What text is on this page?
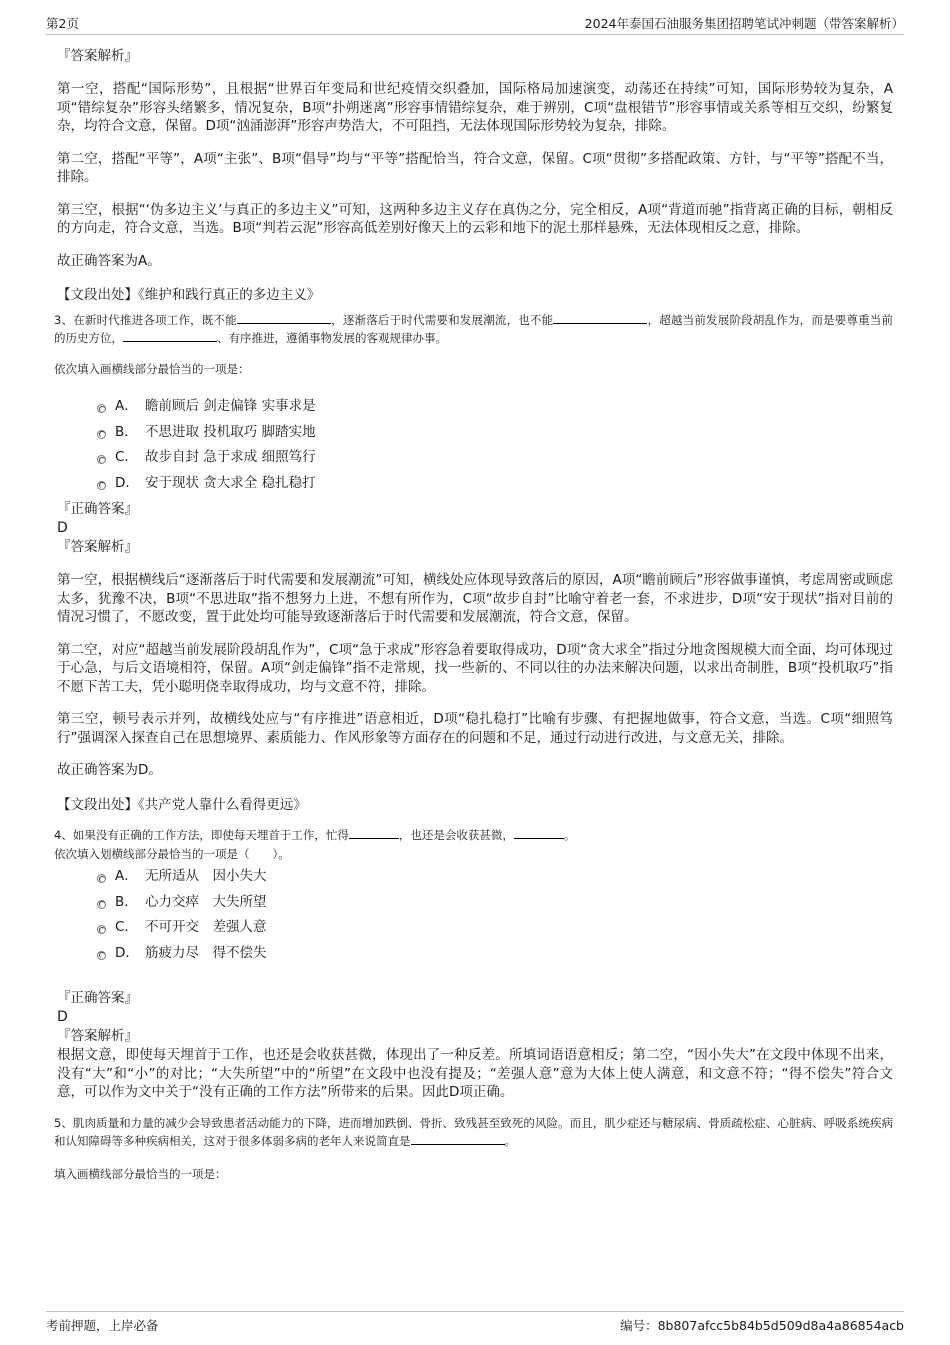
第2页	2024年泰国石油服务集团招聘笔试冲刺题（带答案解析）

『答案解析』

第一空，搭配“国际形势”，且根据“世界百年变局和世纪疫情交织叠加，国际格局加速演变，动荡还在持续”可知，国际形势较为复杂，A项“错综复杂”形容头绪繁多，情况复杂，B项“扑朔迷离”形容事情错综复杂，难于辨别，C项“盘根错节”形容事情或关系等相互交织，纷繁复杂，均符合文意，保留。D项“汹涌澎湃”形容声势浩大，不可阻挡，无法体现国际形势较为复杂，排除。

第二空，搭配“平等”，A项“主张”、B项“倡导”均与“平等”搭配恰当，符合文意，保留。C项“贯彻”多搭配政策、方针，与“平等”搭配不当，排除。

第三空，根据“‘伪多边主义’与真正的多边主义”可知，这两种多边主义存在真伪之分，完全相反，A项“背道而驰”指背离正确的目标，朝相反的方向走，符合文意，当选。B项“判若云泥”形容高低差别好像天上的云彩和地下的泥土那样悬殊，无法体现相反之意，排除。

故正确答案为A。

【文段出处】《维护和践行真正的多边主义》

3、在新时代推进各项工作，既不能	，逐渐落后于时代需要和发展潮流，也不能	，超越当前发展阶段胡乱作为，而是要尊重当前的历史方位，	、有序推进，遵循事物发展的客观规律办事。

依次填入画横线部分最恰当的一项是：

A． 瞻前顾后 剑走偏锋 实事求是
B． 不思进取 投机取巧 脚踏实地
C． 故步自封 急于求成 细照笃行
D． 安于现状 贪大求全 稳扎稳打

『正确答案』

D

『答案解析』

第一空，根据横线后“逐渐落后于时代需要和发展潮流”可知，横线处应体现导致落后的原因，A项“瞻前顾后”形容做事谨慎，考虑周密或顾虑太多，犹豫不决，B项“不思进取”指不想努力上进，不想有所作为，C项“故步自封”比喻守着老一套，不求进步，D项“安于现状”指对目前的情况习惯了，不愿改变，置于此处均可能导致逐渐落后于时代需要和发展潮流，符合文意，保留。

第二空，对应“超越当前发展阶段胡乱作为”，C项“急于求成”形容急着要取得成功，D项“贪大求全”指过分地贪图规模大而全面，均可体现过于心急，与后文语境相符，保留。A项“剑走偏锋”指不走常规，找一些新的、不同以往的办法来解决问题，以求出奇制胜，B项“投机取巧”指不愿下苦工夫，凭小聪明侥幸取得成功，均与文意不符，排除。

第三空，顿号表示并列，故横线处应与“有序推进”语意相近，D项“稳扎稳打”比喻有步骤、有把握地做事，符合文意，当选。C项“细照笃行”强调深入探查自己在思想境界、素质能力、作风形象等方面存在的问题和不足，通过行动进行改进，与文意无关，排除。

故正确答案为D。

【文段出处】《共产党人靠什么看得更远》

4、如果没有正确的工作方法，即使每天埋首于工作，忙得	，也还是会收获甚微，	。

依次填入划横线部分最恰当的一项是（　　）。

A． 无所适从　因小失大
B． 心力交瘁　大失所望
C． 不可开交　差强人意
D． 筋疲力尽　得不偿失

『正确答案』

D

『答案解析』

根据文意，即使每天埋首于工作，也还是会收获甚微，体现出了一种反差。所填词语语意相反；第二空，“因小失大”在文段中体现不出来，没有“大”和“小”的对比；“大失所望”中的“所望”在文段中也没有提及；“差强人意”意为大体上使人满意，和文意不符；“得不偿失”符合文意，可以作为文中关于“没有正确的工作方法”所带来的后果。因此D项正确。

5、肌肉质量和力量的减少会导致患者活动能力的下降，进而增加跌倒、骨折、致残甚至致死的风险。而且，肌少症还与糖尿病、骨质疏松症、心脏病、呼吸系统疾病和认知障碍等多种疾病相关，这对于很多体弱多病的老年人来说简直是	。

填入画横线部分最恰当的一项是：

考前押题，上岸必备	编号：8b807afcc5b84b5d509d8a4a86854acb
